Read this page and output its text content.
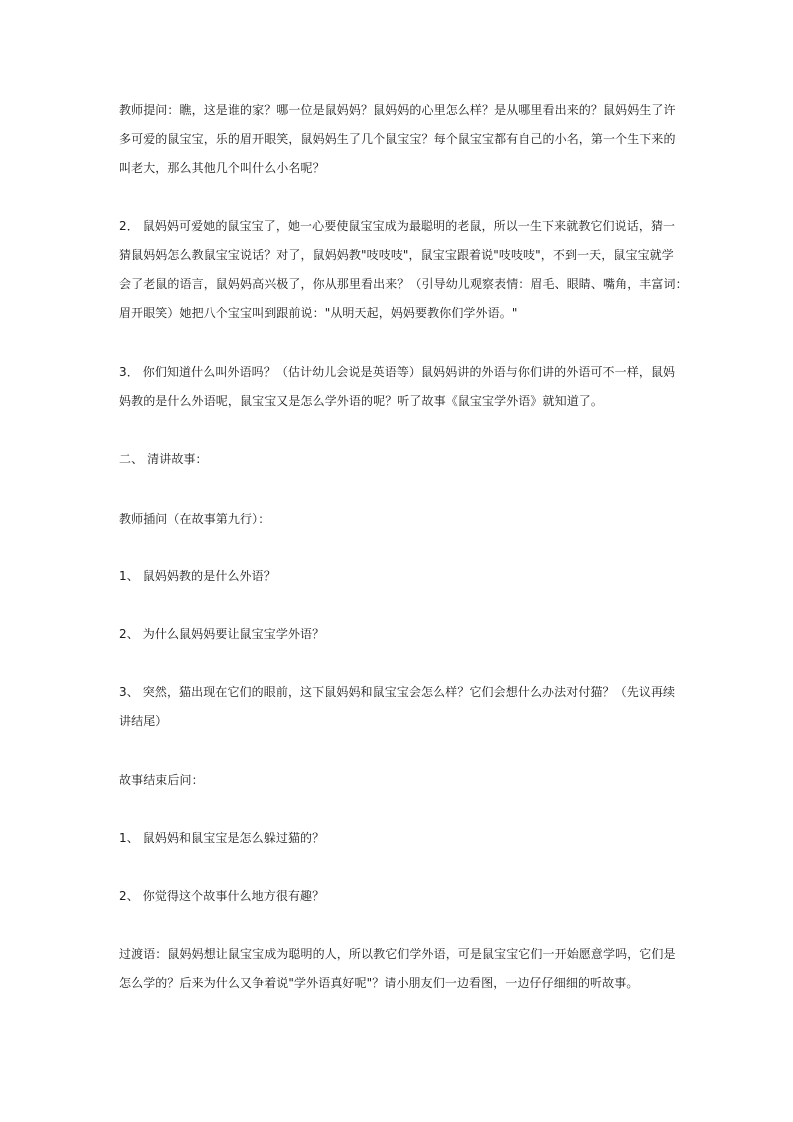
教师提问：瞧，这是谁的家？哪一位是鼠妈妈？鼠妈妈的心里怎么样？是从哪里看出来的？鼠妈妈生了许
多可爱的鼠宝宝，乐的眉开眼笑，鼠妈妈生了几个鼠宝宝？每个鼠宝宝都有自己的小名，第一个生下来的
叫老大，那么其他几个叫什么小名呢？

2． 鼠妈妈可爱她的鼠宝宝了，她一心要使鼠宝宝成为最聪明的老鼠，所以一生下来就教它们说话，猜一
猜鼠妈妈怎么教鼠宝宝说话？对了，鼠妈妈教"吱吱吱"，鼠宝宝跟着说"吱吱吱"，不到一天，鼠宝宝就学
会了老鼠的语言，鼠妈妈高兴极了，你从那里看出来？（引导幼儿观察表情：眉毛、眼睛、嘴角，丰富词：
眉开眼笑）她把八个宝宝叫到跟前说："从明天起，妈妈要教你们学外语。"

3． 你们知道什么叫外语吗？（估计幼儿会说是英语等）鼠妈妈讲的外语与你们讲的外语可不一样，鼠妈
妈教的是什么外语呢，鼠宝宝又是怎么学外语的呢？听了故事《鼠宝宝学外语》就知道了。

二、 清讲故事：

教师插问（在故事第九行）：

1、 鼠妈妈教的是什么外语？

2、 为什么鼠妈妈要让鼠宝宝学外语？

3、 突然，猫出现在它们的眼前，这下鼠妈妈和鼠宝宝会怎么样？它们会想什么办法对付猫？（先议再续
讲结尾）

故事结束后问：

1、 鼠妈妈和鼠宝宝是怎么躲过猫的？

2、 你觉得这个故事什么地方很有趣？

过渡语：鼠妈妈想让鼠宝宝成为聪明的人，所以教它们学外语，可是鼠宝宝它们一开始愿意学吗，它们是
怎么学的？后来为什么又争着说"学外语真好呢"？请小朋友们一边看图，一边仔仔细细的听故事。
